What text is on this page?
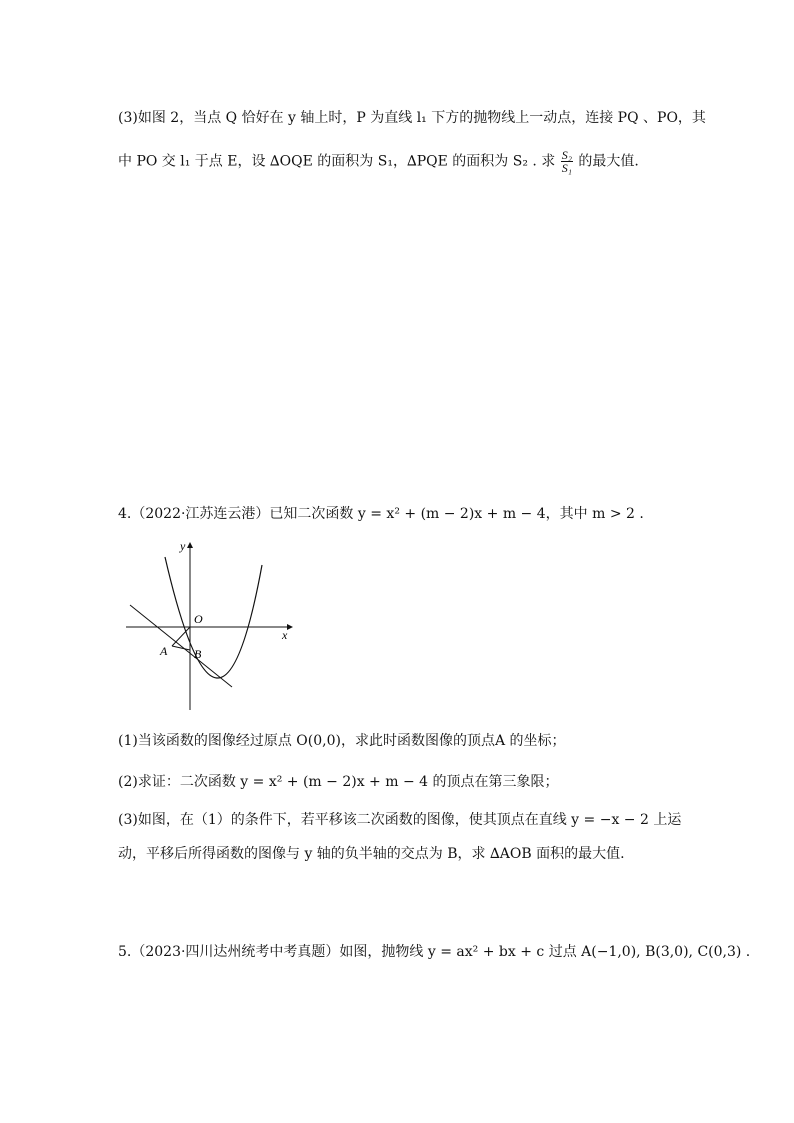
(3)如图 2，当点 Q 恰好在 y 轴上时，P 为直线 l₁ 下方的抛物线上一动点，连接 PQ 、PO，其
中 PO 交 l₁ 于点 E，设 ∆OQE 的面积为 S₁，∆PQE 的面积为 S₂ . 求 $\frac{\text{S₂}}{\text{S₁}}$ 的最大值.
4.（2022·江苏连云港）已知二次函数 y = x² + (m − 2)x + m − 4，其中 m > 2 .
y
x
O
A B
(1)当该函数的图像经过原点 O(0,0)，求此时函数图像的顶点A 的坐标；
(2)求证：二次函数 y = x² + (m − 2)x + m − 4 的顶点在第三象限；
(3)如图，在（1）的条件下，若平移该二次函数的图像，使其顶点在直线 y = −x − 2 上运
动，平移后所得函数的图像与 y 轴的负半轴的交点为 B，求 ∆AOB 面积的最大值.
5.（2023·四川达州统考中考真题）如图，抛物线 y = ax² + bx + c 过点 A(−1,0), B(3,0), C(0,3) .
